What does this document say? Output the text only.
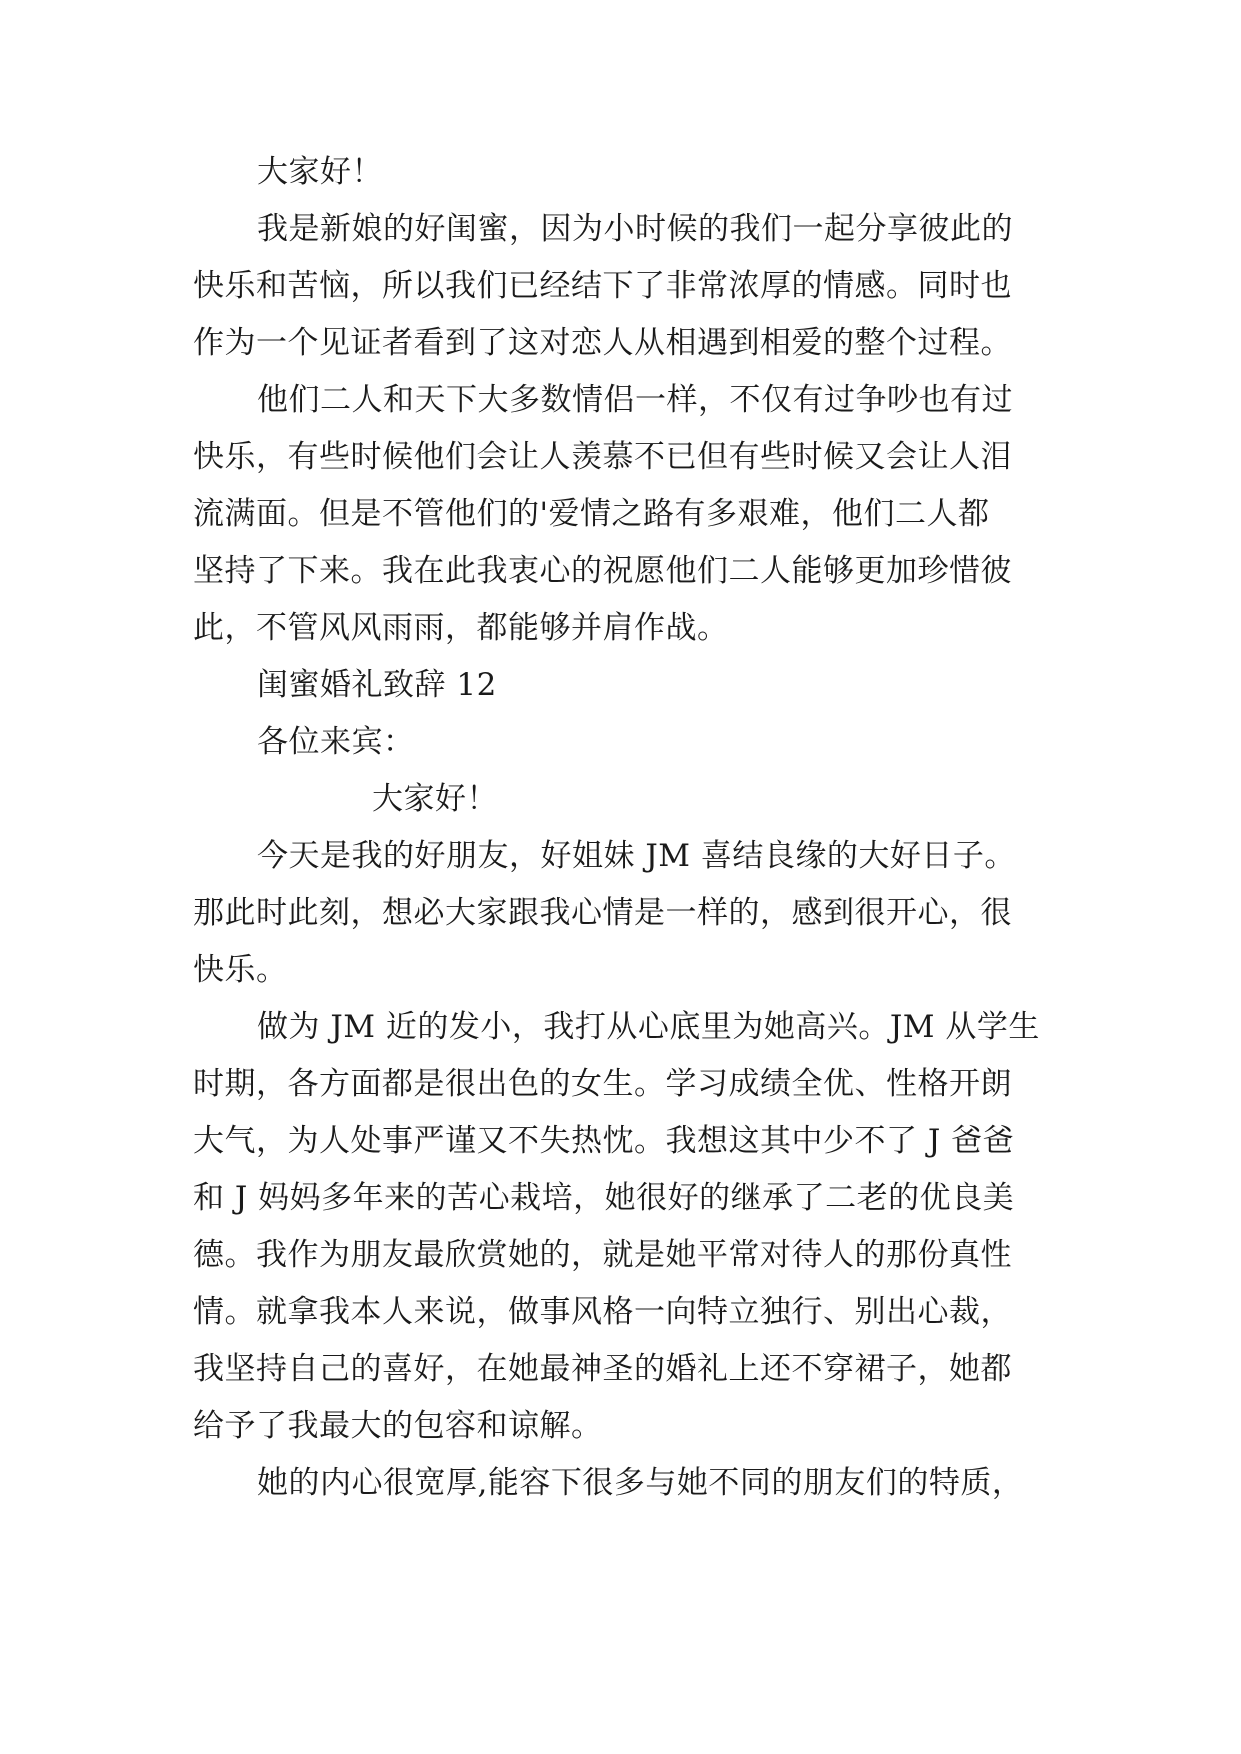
大家好！
我是新娘的好闺蜜，因为小时候的我们一起分享彼此的
快乐和苦恼，所以我们已经结下了非常浓厚的情感。同时也
作为一个见证者看到了这对恋人从相遇到相爱的整个过程。
他们二人和天下大多数情侣一样，不仅有过争吵也有过
快乐，有些时候他们会让人羡慕不已但有些时候又会让人泪
流满面。但是不管他们的'爱情之路有多艰难，他们二人都
坚持了下来。我在此我衷心的祝愿他们二人能够更加珍惜彼
此，不管风风雨雨，都能够并肩作战。
闺蜜婚礼致辞 12
各位来宾：
大家好！
今天是我的好朋友，好姐妹 JM 喜结良缘的大好日子。
那此时此刻，想必大家跟我心情是一样的，感到很开心，很
快乐。
做为 JM 近的发小，我打从心底里为她高兴。JM 从学生
时期，各方面都是很出色的女生。学习成绩全优、性格开朗
大气，为人处事严谨又不失热忱。我想这其中少不了 J 爸爸
和 J 妈妈多年来的苦心栽培，她很好的继承了二老的优良美
德。我作为朋友最欣赏她的，就是她平常对待人的那份真性
情。就拿我本人来说，做事风格一向特立独行、别出心裁，
我坚持自己的喜好，在她最神圣的婚礼上还不穿裙子，她都
给予了我最大的包容和谅解。
她的内心很宽厚,能容下很多与她不同的朋友们的特质，
